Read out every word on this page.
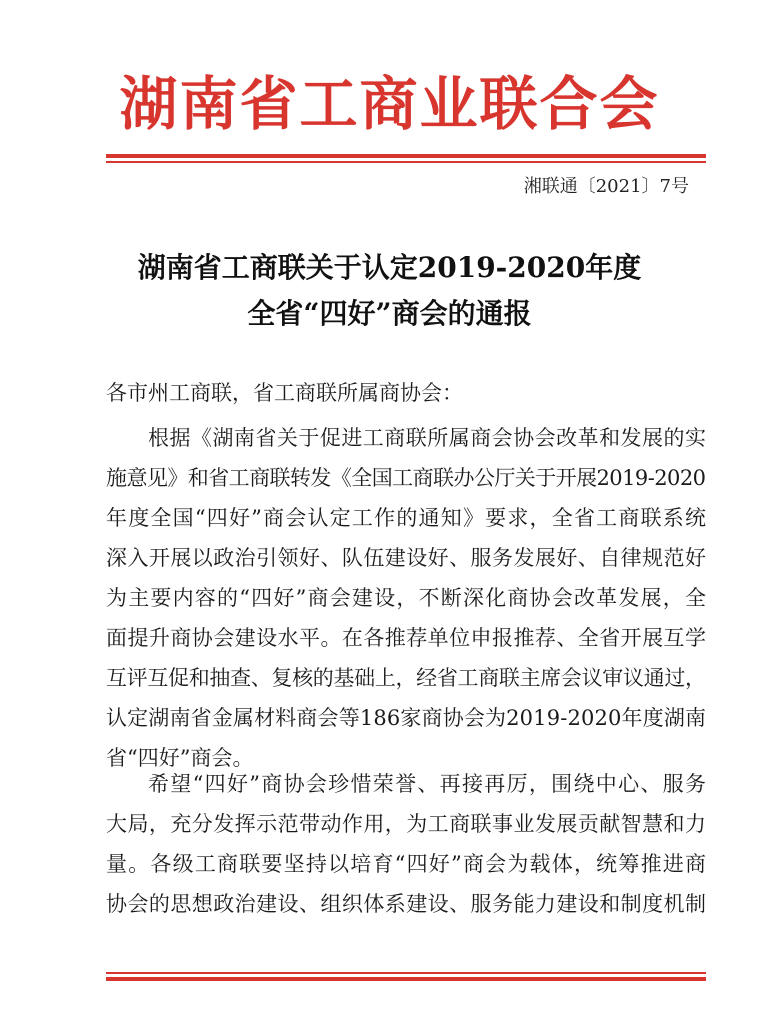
湖南省工商业联合会
湘联通〔2021〕7号
湖南省工商联关于认定2019-2020年度
全省“四好”商会的通报
各市州工商联，省工商联所属商协会：
根据《湖南省关于促进工商联所属商会协会改革和发展的实
施意见》和省工商联转发《全国工商联办公厅关于开展2019-2020
年度全国“四好”商会认定工作的通知》要求，全省工商联系统
深入开展以政治引领好、队伍建设好、服务发展好、自律规范好
为主要内容的“四好”商会建设，不断深化商协会改革发展，全
面提升商协会建设水平。在各推荐单位申报推荐、全省开展互学
互评互促和抽查、复核的基础上，经省工商联主席会议审议通过，
认定湖南省金属材料商会等186家商协会为2019-2020年度湖南
省“四好”商会。
希望“四好”商协会珍惜荣誉、再接再厉，围绕中心、服务
大局，充分发挥示范带动作用，为工商联事业发展贡献智慧和力
量。各级工商联要坚持以培育“四好”商会为载体，统筹推进商
协会的思想政治建设、组织体系建设、服务能力建设和制度机制
